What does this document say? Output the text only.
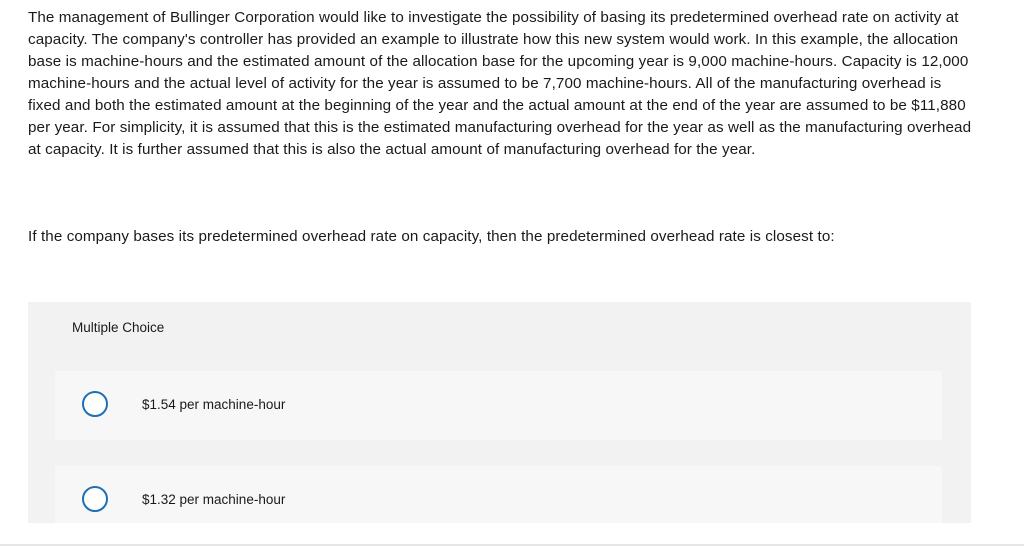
The management of Bullinger Corporation would like to investigate the possibility of basing its predetermined overhead rate on activity at capacity. The company's controller has provided an example to illustrate how this new system would work. In this example, the allocation base is machine-hours and the estimated amount of the allocation base for the upcoming year is 9,000 machine-hours. Capacity is 12,000 machine-hours and the actual level of activity for the year is assumed to be 7,700 machine-hours. All of the manufacturing overhead is fixed and both the estimated amount at the beginning of the year and the actual amount at the end of the year are assumed to be $11,880 per year. For simplicity, it is assumed that this is the estimated manufacturing overhead for the year as well as the manufacturing overhead at capacity. It is further assumed that this is also the actual amount of manufacturing overhead for the year.

If the company bases its predetermined overhead rate on capacity, then the predetermined overhead rate is closest to:

Multiple Choice
$1.54 per machine-hour
$1.32 per machine-hour
